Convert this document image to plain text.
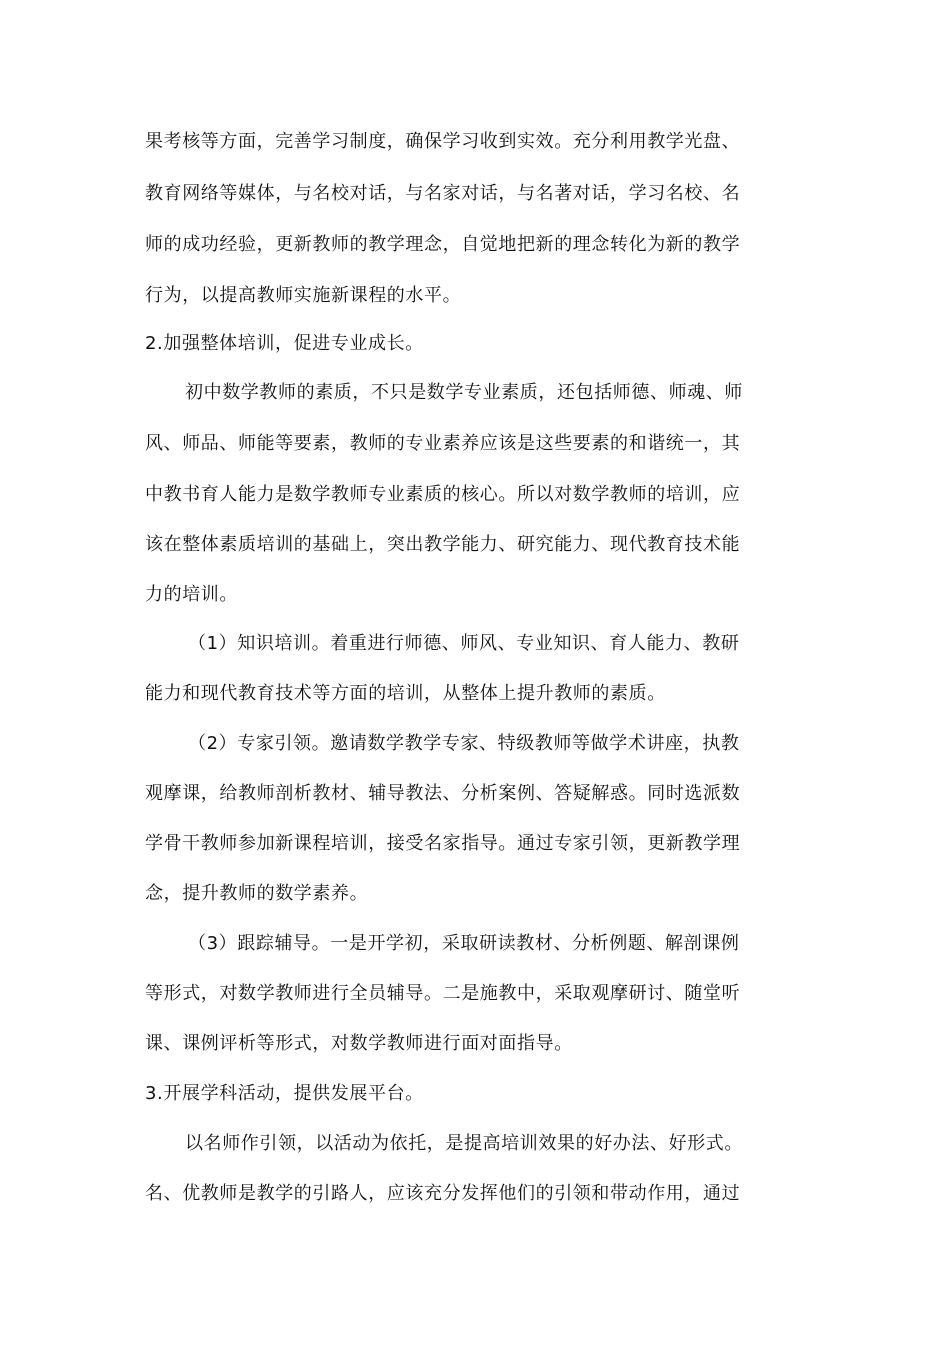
果考核等方面，完善学习制度，确保学习收到实效。充分利用教学光盘、
教育网络等媒体，与名校对话，与名家对话，与名著对话，学习名校、名
师的成功经验，更新教师的教学理念，自觉地把新的理念转化为新的教学
行为，以提高教师实施新课程的水平。
2.加强整体培训，促进专业成长。
初中数学教师的素质，不只是数学专业素质，还包括师德、师魂、师
风、师品、师能等要素，教师的专业素养应该是这些要素的和谐统一，其
中教书育人能力是数学教师专业素质的核心。所以对数学教师的培训，应
该在整体素质培训的基础上，突出教学能力、研究能力、现代教育技术能
力的培训。
（1）知识培训。着重进行师德、师风、专业知识、育人能力、教研
能力和现代教育技术等方面的培训，从整体上提升教师的素质。
（2）专家引领。邀请数学教学专家、特级教师等做学术讲座，执教
观摩课，给教师剖析教材、辅导教法、分析案例、答疑解惑。同时选派数
学骨干教师参加新课程培训，接受名家指导。通过专家引领，更新教学理
念，提升教师的数学素养。
（3）跟踪辅导。一是开学初，采取研读教材、分析例题、解剖课例
等形式，对数学教师进行全员辅导。二是施教中，采取观摩研讨、随堂听
课、课例评析等形式，对数学教师进行面对面指导。
3.开展学科活动，提供发展平台。
以名师作引领，以活动为依托，是提高培训效果的好办法、好形式。
名、优教师是教学的引路人，应该充分发挥他们的引领和带动作用，通过
